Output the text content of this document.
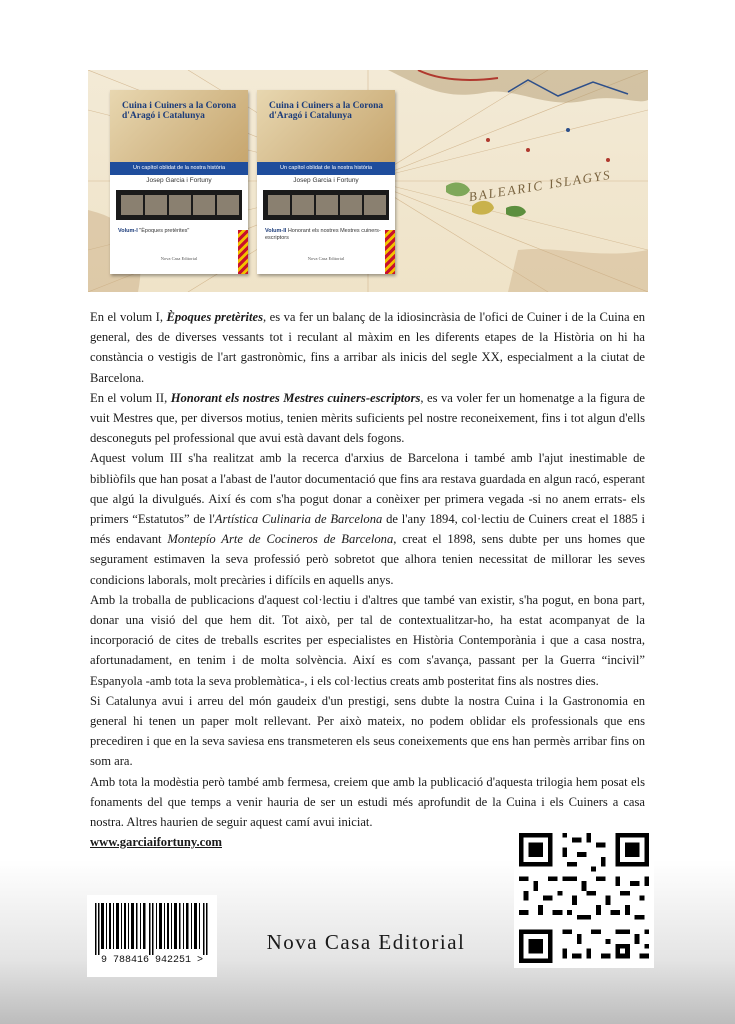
BALEARIC ISLAGYS
Cuina i Cuiners a la Corona d'Aragó i Catalunya
Un capítol oblidat de la nostra història
Josep Garcia i Fortuny
Volum-I "Èpoques pretèrites"
Nova Casa Editorial
Cuina i Cuiners a la Corona d'Aragó i Catalunya
Un capítol oblidat de la nostra història
Josep Garcia i Fortuny
Volum-II Honorant els nostres Mestres cuiners-escriptors
Nova Casa Editorial

En el volum I, Èpoques pretèrites, es va fer un balanç de la idiosincràsia de l'ofici de Cuiner i de la Cuina en general, des de diverses vessants tot i reculant al màxim en les diferents etapes de la Història on hi ha constància o vestigis de l'art gastronòmic, fins a arribar als inicis del segle XX, especialment a la ciutat de Barcelona.

En el volum II, Honorant els nostres Mestres cuiners-escriptors, es va voler fer un homenatge a la figura de vuit Mestres que, per diversos motius, tenien mèrits suficients pel nostre reconeixement, fins i tot algun d'ells desconeguts pel professional que avui està davant dels fogons.

Aquest volum III s'ha realitzat amb la recerca d'arxius de Barcelona i també amb l'ajut inestimable de bibliòfils que han posat a l'abast de l'autor documentació que fins ara restava guardada en algun racó, esperant que algú la divulgués. Així és com s'ha pogut donar a conèixer per primera vegada -si no anem errats- els primers “Estatutos” de l'Artística Culinaria de Barcelona de l'any 1894, col·lectiu de Cuiners creat el 1885 i més endavant Montepío Arte de Cocineros de Barcelona, creat el 1898, sens dubte per uns homes que segurament estimaven la seva professió però sobretot que alhora tenien necessitat de millorar les seves condicions laborals, molt precàries i difícils en aquells anys.

Amb la troballa de publicacions d'aquest col·lectiu i d'altres que també van existir, s'ha pogut, en bona part, donar una visió del que hem dit. Tot això, per tal de contextualitzar-ho, ha estat acompanyat de la incorporació de cites de treballs escrites per especialistes en Història Contemporània i que a casa nostra, afortunadament, en tenim i de molta solvència. Així es com s'avança, passant per la Guerra “incivil” Espanyola -amb tota la seva problemàtica-, i els col·lectius creats amb posteritat fins als nostres dies.

Si Catalunya avui i arreu del món gaudeix d'un prestigi, sens dubte la nostra Cuina i la Gastronomia en general hi tenen un paper molt rellevant. Per això mateix, no podem oblidar els professionals que ens precediren i que en la seva saviesa ens transmeteren els seus coneixements que ens han permès arribar fins on som ara.

Amb tota la modèstia però també amb fermesa, creiem que amb la publicació d'aquesta trilogia hem posat els fonaments del que temps a venir hauria de ser un estudi més aprofundit de la Cuina i els Cuiners a casa nostra. Altres haurien de seguir aquest camí avui iniciat.

www.garciaifortuny.com

9 788416 942251 >
Nova Casa Editorial
